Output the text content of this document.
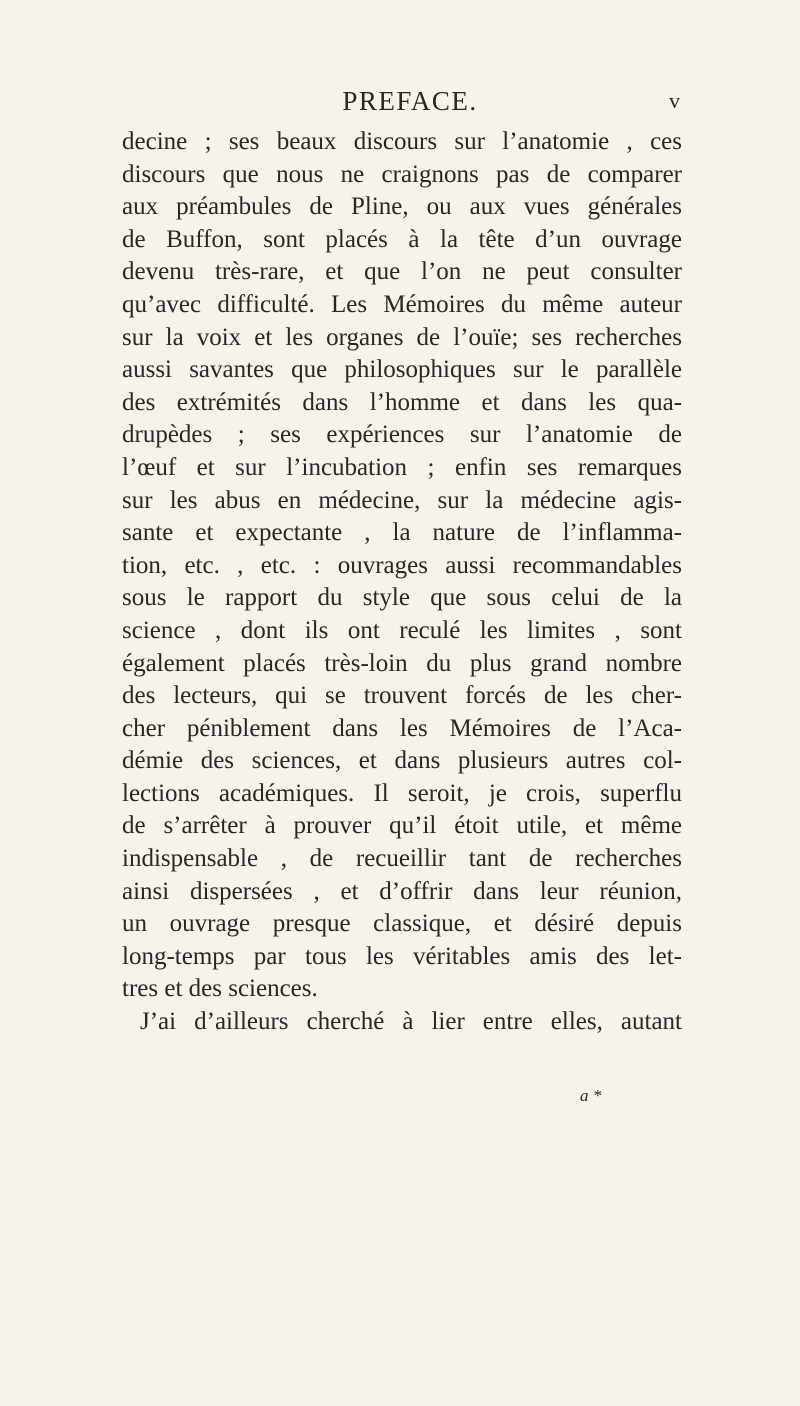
PREFACE.	v
decine ; ses beaux discours sur l’anatomie , ces
discours que nous ne craignons pas de comparer
aux préambules de Pline, ou aux vues générales
de Buffon, sont placés à la tête d’un ouvrage
devenu très-rare, et que l’on ne peut consulter
qu’avec difficulté. Les Mémoires du même auteur
sur la voix et les organes de l’ouïe; ses recherches
aussi savantes que philosophiques sur le parallèle
des extrémités dans l’homme et dans les qua-
drupèdes ; ses expériences sur l’anatomie de
l’œuf et sur l’incubation ; enfin ses remarques
sur les abus en médecine, sur la médecine agis-
sante et expectante , la nature de l’inflamma-
tion, etc. , etc. : ouvrages aussi recommandables
sous le rapport du style que sous celui de la
science , dont ils ont reculé les limites , sont
également placés très-loin du plus grand nombre
des lecteurs, qui se trouvent forcés de les cher-
cher péniblement dans les Mémoires de l’Aca-
démie des sciences, et dans plusieurs autres col-
lections académiques. Il seroit, je crois, superflu
de s’arrêter à prouver qu’il étoit utile, et même
indispensable , de recueillir tant de recherches
ainsi dispersées , et d’offrir dans leur réunion,
un ouvrage presque classique, et désiré depuis
long-temps par tous les véritables amis des let-
tres et des sciences.
J’ai d’ailleurs cherché à lier entre elles, autant
a *
